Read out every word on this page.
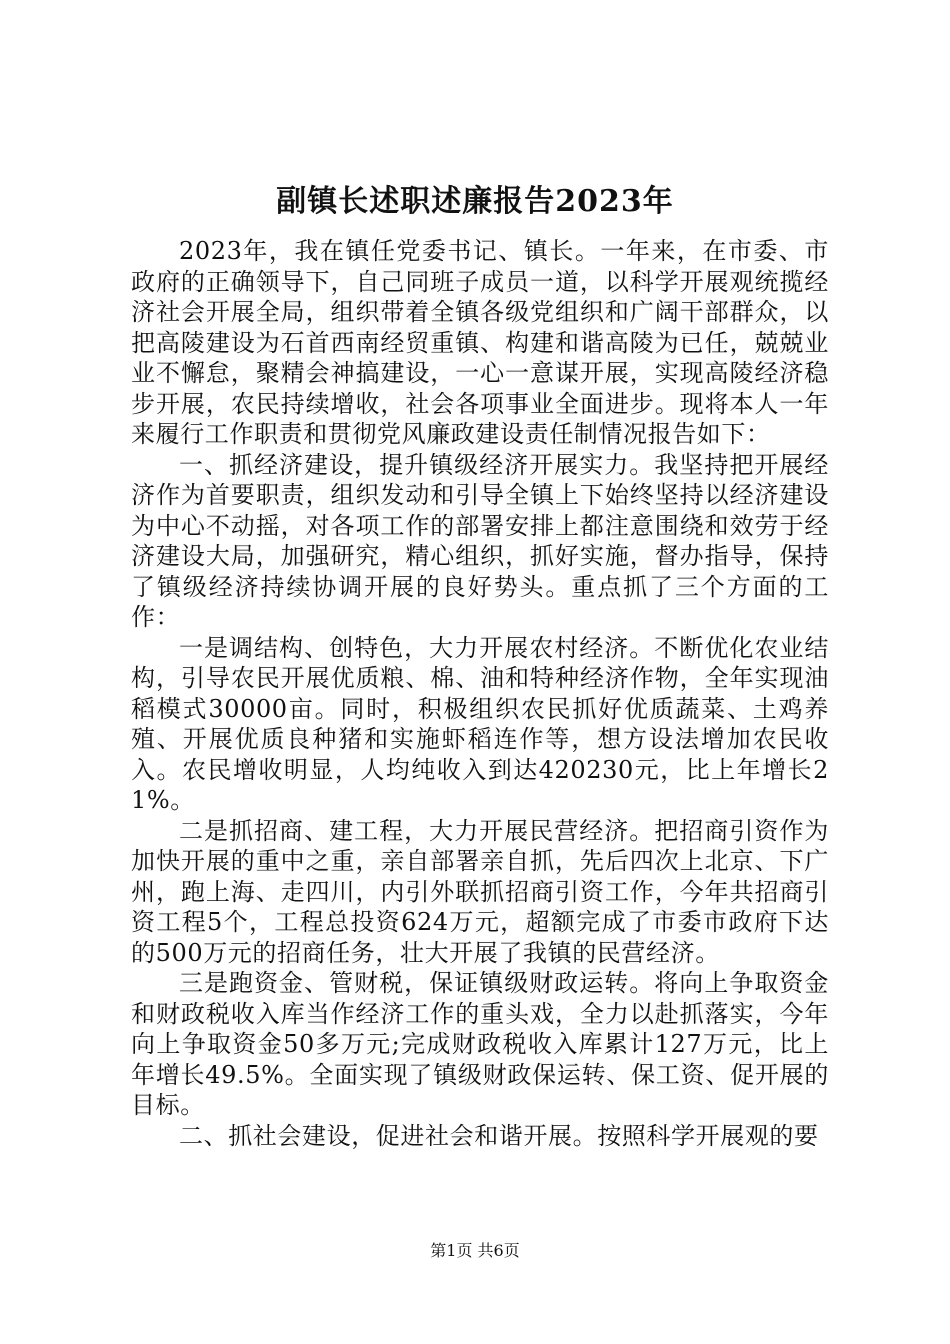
副镇长述职述廉报告2023年

2023年，我在镇任党委书记、镇长。一年来，在市委、市政府的正确领导下，自己同班子成员一道，以科学开展观统揽经济社会开展全局，组织带着全镇各级党组织和广阔干部群众，以把高陵建设为石首西南经贸重镇、构建和谐高陵为已任，兢兢业业不懈怠，聚精会神搞建设，一心一意谋开展，实现高陵经济稳步开展，农民持续增收，社会各项事业全面进步。现将本人一年来履行工作职责和贯彻党风廉政建设责任制情况报告如下：

一、抓经济建设，提升镇级经济开展实力。我坚持把开展经济作为首要职责，组织发动和引导全镇上下始终坚持以经济建设为中心不动摇，对各项工作的部署安排上都注意围绕和效劳于经济建设大局，加强研究，精心组织，抓好实施，督办指导，保持了镇级经济持续协调开展的良好势头。重点抓了三个方面的工作：

一是调结构、创特色，大力开展农村经济。不断优化农业结构，引导农民开展优质粮、棉、油和特种经济作物，全年实现油稻模式30000亩。同时，积极组织农民抓好优质蔬菜、土鸡养殖、开展优质良种猪和实施虾稻连作等，想方设法增加农民收入。农民增收明显，人均纯收入到达420230元，比上年增长21%。

二是抓招商、建工程，大力开展民营经济。把招商引资作为加快开展的重中之重，亲自部署亲自抓，先后四次上北京、下广州，跑上海、走四川，内引外联抓招商引资工作，今年共招商引资工程5个，工程总投资624万元，超额完成了市委市政府下达的500万元的招商任务，壮大开展了我镇的民营经济。

三是跑资金、管财税，保证镇级财政运转。将向上争取资金和财政税收入库当作经济工作的重头戏，全力以赴抓落实，今年向上争取资金50多万元;完成财政税收入库累计127万元，比上年增长49.5%。全面实现了镇级财政保运转、保工资、促开展的目标。

二、抓社会建设，促进社会和谐开展。按照科学开展观的要

第1页 共6页
